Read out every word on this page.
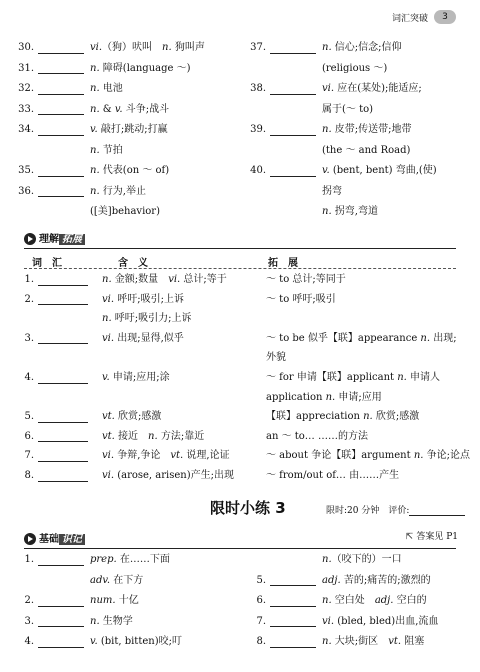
词汇突破	3
30.	vi.（狗）吠叫　n. 狗叫声
31.	n. 障碍(language ～)
32.	n. 电池
33.	n. & v. 斗争;战斗
34.	v. 敲打;跳动;打赢
n. 节拍
35.	n. 代表(on ～ of)
36.	n. 行为,举止
([美]behavior)
37.	n. 信心;信念;信仰
(religious ～)
38.	vi. 应在(某处);能适应;
属于(～ to)
39.	n. 皮带;传送带;地带
(the ～ and Road)
40.	v. (bent, bent) 弯曲,(使)
拐弯
n. 拐弯,弯道
理解 拓展
词　汇	含　义	拓　展
1.	n. 金额;数量　vi. 总计;等于	～ to 总计;等同于
2.	vi. 呼吁;吸引;上诉	～ to 呼吁;吸引
n. 呼吁;吸引力;上诉
3.	vi. 出现;显得,似乎	～ to be 似乎【联】appearance n. 出现;
外貌
4.	v. 申请;应用;涂	～ for 申请【联】applicant n. 申请人
application n. 申请;应用
5.	vt. 欣赏;感激	【联】appreciation n. 欣赏;感激
6.	vt. 接近　n. 方法;靠近	an ～ to… ……的方法
7.	vi. 争辩,争论　vt. 说理,论证	～ about 争论【联】argument n. 争论;论点
8.	vi. (arose, arisen)产生;出现	～ from/out of… 由……产生
限时小练 3	限时:20 分钟　评价:
⇱ 答案见 P1
基础 识记
1.	prep. 在……下面
adv. 在下方
2.	num. 十亿
3.	n. 生物学
4.	v. (bit, bitten)咬;叮
n.（咬下的）一口
5.	adj. 苦的;痛苦的;激烈的
6.	n. 空白处　adj. 空白的
7.	vi. (bled, bled)出血,流血
8.	n. 大块;街区　vt. 阻塞
